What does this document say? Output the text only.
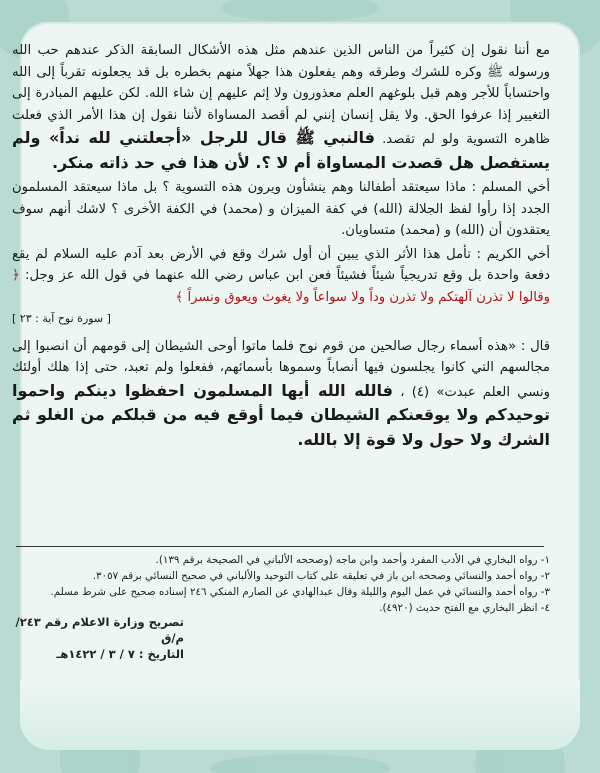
مع أننا نقول إن كثيراً من الناس الذين عندهم مثل هذه الأشكال السابقة الذكر عندهم حب الله ورسوله ﷺ وكره للشرك وطرقه وهم يفعلون هذا جهلاً منهم بخطره بل قد يجعلونه تقرباً إلى الله واحتساباً للأجر وهم قبل بلوغهم العلم معذورون ولا إثم عليهم إن شاء الله. لكن عليهم المبادرة إلى التغيير إذا عرفوا الحق. ولا يقل إنسان إنني لم أقصد المساواة لأننا نقول إن هذا الأمر الذي فعلت ظاهره التسوية ولو لم تقصد. فالنبي ﷺ قال للرجل «أجعلتني لله نداً» ولم يستفصل هل قصدت المساواة أم لا ؟. لأن هذا في حد ذاته منكر.

أخي المسلم : ماذا سيعتقد أطفالنا وهم ينشأون ويرون هذه التسوية ؟ بل ماذا سيعتقد المسلمون الجدد إذا رأوا لفظ الجلالة (الله) في كفة الميزان و (محمد) في الكفة الأخرى ؟ لاشك أنهم سوف يعتقدون أن (الله) و (محمد) متساويان.

أخي الكريم : تأمل هذا الأثر الذي يبين أن أول شرك وقع في الأرض بعد آدم عليه السلام لم يقع دفعة واحدة بل وقع تدريجياً شيئاً فشيئاً فعن ابن عباس رضي الله عنهما في قول الله عز وجل: ﴿ وقالوا لا تذرن آلهتكم ولا تذرن وداً ولا سواعاً ولا يغوث ويعوق ونسراً ﴾

[ سورة نوح آية : ٢٣ ]

قال : «هذه أسماء رجال صالحين من قوم نوح فلما ماتوا أوحى الشيطان إلى قومهم أن انصبوا إلى مجالسهم التي كانوا يجلسون فيها أنصاباً وسموها بأسمائهم، ففعلوا ولم تعبد، حتى إذا هلك أولئك ونسي العلم عبدت» (٤) ، فالله الله أيها المسلمون احفظوا دينكم واحموا توحيدكم ولا يوقعنكم الشيطان فيما أوقع فيه من قبلكم من الغلو ثم الشرك ولا حول ولا قوة إلا بالله.

١- رواه البخاري في الأدب المفرد وأحمد وابن ماجه (وصححه الألباني في الصحيحة برقم ١٣٩).

٢- رواه أحمد والنسائي وصححه ابن باز في تعليقه على كتاب التوحيد والألباني في صحيح النسائي برقم ٣٠٥٧.

٣- رواه أحمد والنسائي في عمل اليوم والليلة وقال عبدالهادي عن الصارم المنكي ٢٤٦ إسناده صحيح على شرط مسلم.

٤- انظر البخاري مع الفتح حديث (٤٩٢٠).

تصريح وزارة الاعلام رقم ٢٤٣/م/ق
التاريخ : ٧ / ٣ / ١٤٢٢هـ
